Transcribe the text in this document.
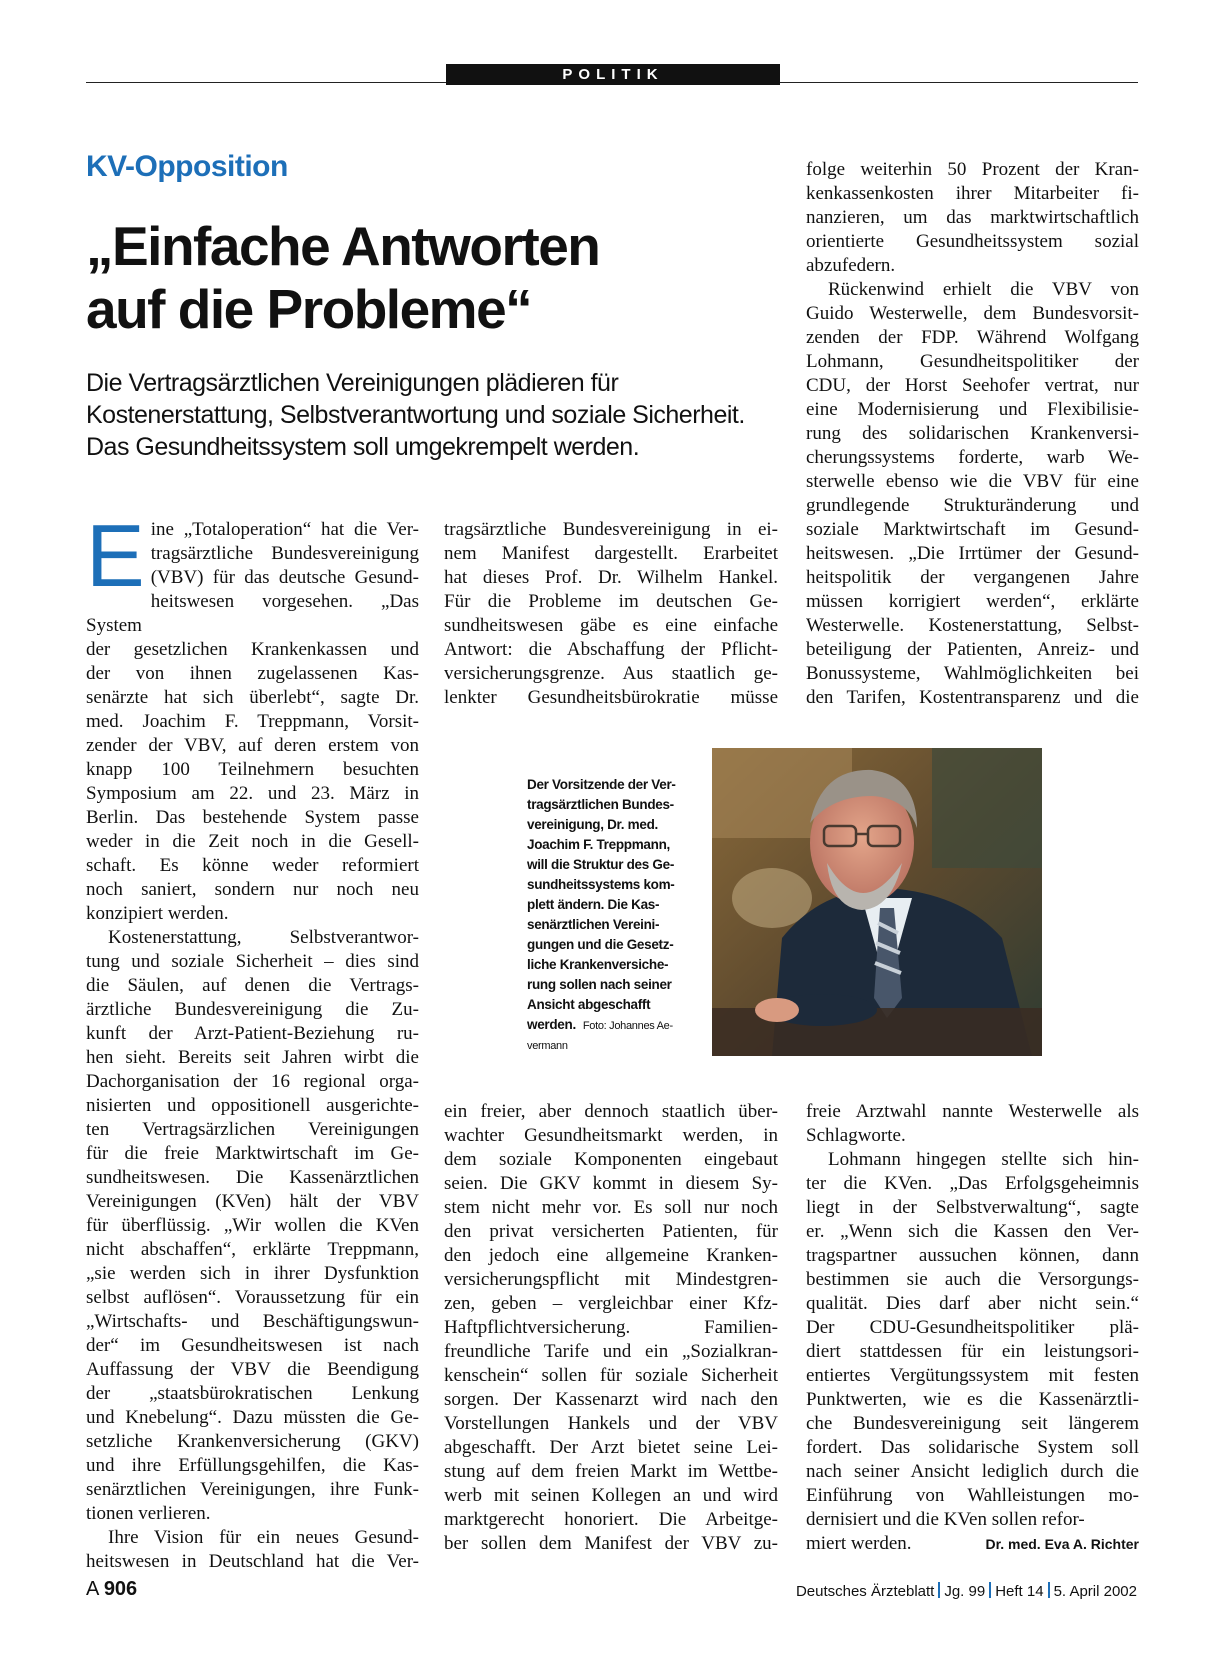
POLITIK
KV-Opposition
„Einfache Antworten
auf die Probleme“
Die Vertragsärztlichen Vereinigungen plädieren für
Kostenerstattung, Selbstverantwortung und soziale Sicherheit.
Das Gesundheitssystem soll umgekrempelt werden.
E ine „Totaloperation“ hat die Ver-
tragsärztliche Bundesvereinigung
(VBV) für das deutsche Gesund-
heitswesen vorgesehen. „Das System
der gesetzlichen Krankenkassen und
der von ihnen zugelassenen Kas-
senärzte hat sich überlebt“, sagte Dr.
med. Joachim F. Treppmann, Vorsit-
zender der VBV, auf deren erstem von
knapp 100 Teilnehmern besuchten
Symposium am 22. und 23. März in
Berlin. Das bestehende System passe
weder in die Zeit noch in die Gesell-
schaft. Es könne weder reformiert
noch saniert, sondern nur noch neu
konzipiert werden.
Kostenerstattung, Selbstverantwor-
tung und soziale Sicherheit – dies sind
die Säulen, auf denen die Vertrags-
ärztliche Bundesvereinigung die Zu-
kunft der Arzt-Patient-Beziehung ru-
hen sieht. Bereits seit Jahren wirbt die
Dachorganisation der 16 regional orga-
nisierten und oppositionell ausgerichte-
ten Vertragsärzlichen Vereinigungen
für die freie Marktwirtschaft im Ge-
sundheitswesen. Die Kassenärztlichen
Vereinigungen (KVen) hält der VBV
für überflüssig. „Wir wollen die KVen
nicht abschaffen“, erklärte Treppmann,
„sie werden sich in ihrer Dysfunktion
selbst auflösen“. Voraussetzung für ein
„Wirtschafts- und Beschäftigungswun-
der“ im Gesundheitswesen ist nach
Auffassung der VBV die Beendigung
der „staatsbürokratischen Lenkung
und Knebelung“. Dazu müssten die Ge-
setzliche Krankenversicherung (GKV)
und ihre Erfüllungsgehilfen, die Kas-
senärztlichen Vereinigungen, ihre Funk-
tionen verlieren.
Ihre Vision für ein neues Gesund-
heitswesen in Deutschland hat die Ver-
tragsärztliche Bundesvereinigung in ei-
nem Manifest dargestellt. Erarbeitet
hat dieses Prof. Dr. Wilhelm Hankel.
Für die Probleme im deutschen Ge-
sundheitswesen gäbe es eine einfache
Antwort: die Abschaffung der Pflicht-
versicherungsgrenze. Aus staatlich ge-
lenkter Gesundheitsbürokratie müsse
folge weiterhin 50 Prozent der Kran-
kenkassenkosten ihrer Mitarbeiter fi-
nanzieren, um das marktwirtschaftlich
orientierte Gesundheitssystem sozial
abzufedern.
Rückenwind erhielt die VBV von
Guido Westerwelle, dem Bundesvorsit-
zenden der FDP. Während Wolfgang
Lohmann, Gesundheitspolitiker der
CDU, der Horst Seehofer vertrat, nur
eine Modernisierung und Flexibilisie-
rung des solidarischen Krankenversi-
cherungssystems forderte, warb We-
sterwelle ebenso wie die VBV für eine
grundlegende Strukturänderung und
soziale Marktwirtschaft im Gesund-
heitswesen. „Die Irrtümer der Gesund-
heitspolitik der vergangenen Jahre
müssen korrigiert werden“, erklärte
Westerwelle. Kostenerstattung, Selbst-
beteiligung der Patienten, Anreiz- und
Bonussysteme, Wahlmöglichkeiten bei
den Tarifen, Kostentransparenz und die
Der Vorsitzende der Ver-
tragsärztlichen Bundes-
vereinigung, Dr. med.
Joachim F. Treppmann,
will die Struktur des Ge-
sundheitssystems kom-
plett ändern. Die Kas-
senärztlichen Vereini-
gungen und die Gesetz-
liche Krankenversiche-
rung sollen nach seiner
Ansicht abgeschafft
werden. Foto: Johannes Ae-
vermann
ein freier, aber dennoch staatlich über-
wachter Gesundheitsmarkt werden, in
dem soziale Komponenten eingebaut
seien. Die GKV kommt in diesem Sy-
stem nicht mehr vor. Es soll nur noch
den privat versicherten Patienten, für
den jedoch eine allgemeine Kranken-
versicherungspflicht mit Mindestgren-
zen, geben – vergleichbar einer Kfz-
Haftpflichtversicherung. Familien-
freundliche Tarife und ein „Sozialkran-
kenschein“ sollen für soziale Sicherheit
sorgen. Der Kassenarzt wird nach den
Vorstellungen Hankels und der VBV
abgeschafft. Der Arzt bietet seine Lei-
stung auf dem freien Markt im Wettbe-
werb mit seinen Kollegen an und wird
marktgerecht honoriert. Die Arbeitge-
ber sollen dem Manifest der VBV zu-
freie Arztwahl nannte Westerwelle als
Schlagworte.
Lohmann hingegen stellte sich hin-
ter die KVen. „Das Erfolgsgeheimnis
liegt in der Selbstverwaltung“, sagte
er. „Wenn sich die Kassen den Ver-
tragspartner aussuchen können, dann
bestimmen sie auch die Versorgungs-
qualität. Dies darf aber nicht sein.“
Der CDU-Gesundheitspolitiker plä-
diert stattdessen für ein leistungsori-
entiertes Vergütungssystem mit festen
Punktwerten, wie es die Kassenärztli-
che Bundesvereinigung seit längerem
fordert. Das solidarische System soll
nach seiner Ansicht lediglich durch die
Einführung von Wahlleistungen mo-
dernisiert und die KVen sollen refor-
Dr. med. Eva A. Richter
miert werden.
A 906	Deutsches Ärzteblatt Jg. 99 Heft 14 5. April 2002
